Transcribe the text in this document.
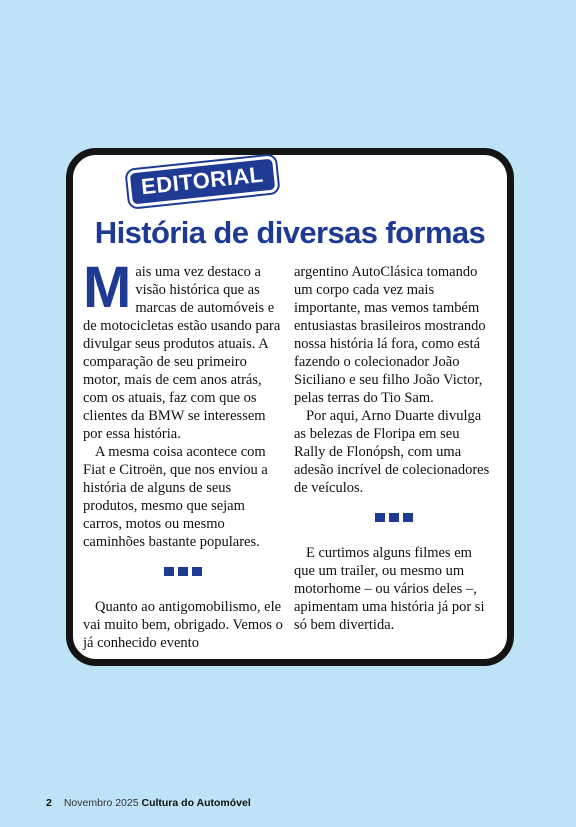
EDITORIAL
História de diversas formas

Mais uma vez destaco a visão histórica que as marcas de automóveis e de motocicletas estão usando para divulgar seus produtos atuais. A comparação de seu primeiro motor, mais de cem anos atrás, com os atuais, faz com que os clientes da BMW se interessem por essa história.

A mesma coisa acontece com Fiat e Citroën, que nos enviou a história de alguns de seus produtos, mesmo que sejam carros, motos ou mesmo caminhões bastante populares.

Quanto ao antigomobilismo, ele vai muito bem, obrigado. Vemos o já conhecido evento

argentino AutoClásica tomando um corpo cada vez mais importante, mas vemos também entusiastas brasileiros mostrando nossa história lá fora, como está fazendo o colecionador João Siciliano e seu filho João Victor, pelas terras do Tio Sam.

Por aqui, Arno Duarte divulga as belezas de Floripa em seu Rally de Flonópsh, com uma adesão incrível de colecionadores de veículos.

E curtimos alguns filmes em que um trailer, ou mesmo um motorhome – ou vários deles –, apimentam uma história já por si só bem divertida.

2 Novembro 2025 Cultura do Automóvel
